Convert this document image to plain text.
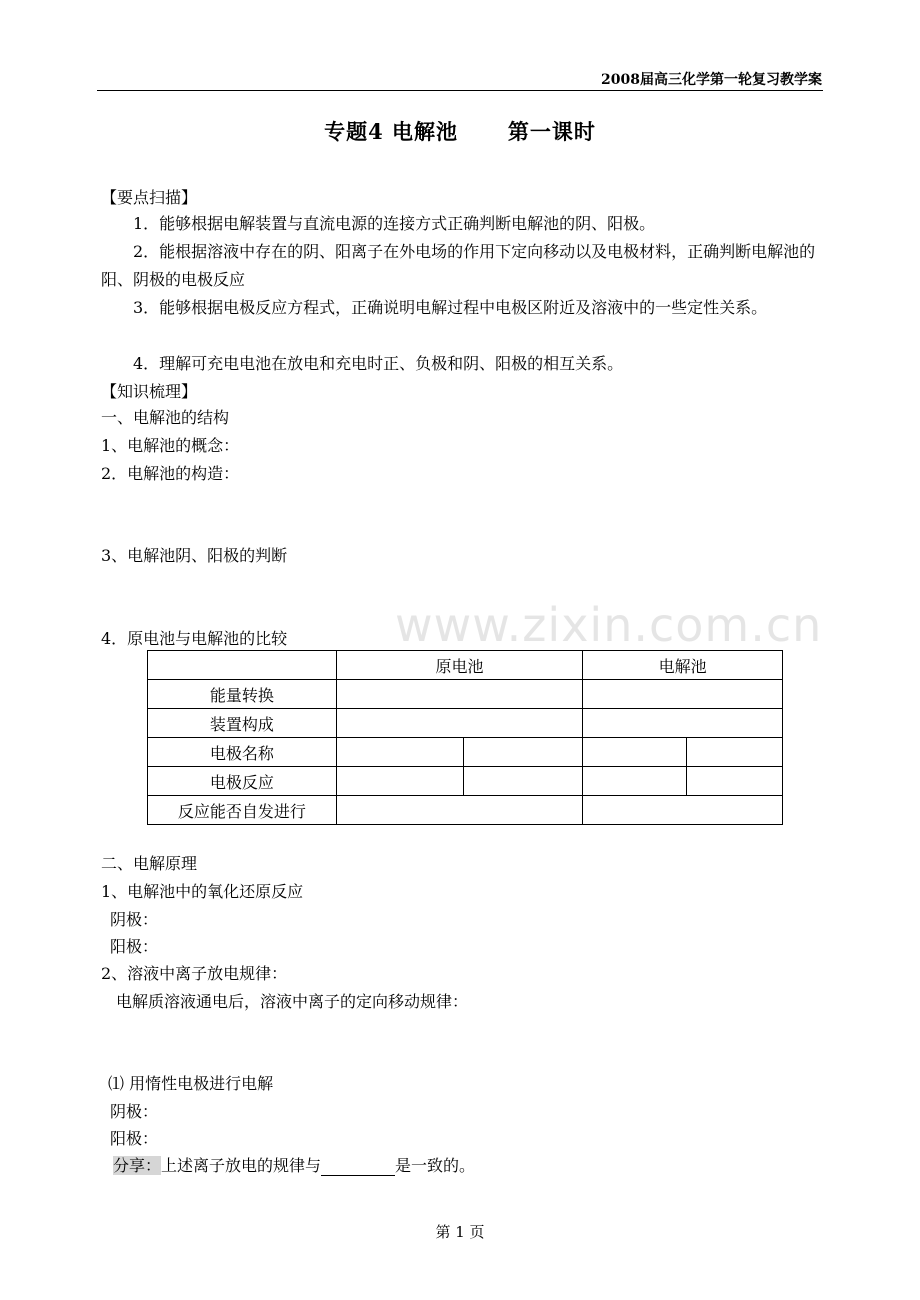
2008届高三化学第一轮复习教学案
专题4 电解池      第一课时
【要点扫描】
1．能够根据电解装置与直流电源的连接方式正确判断电解池的阴、阳极。
2．能根据溶液中存在的阴、阳离子在外电场的作用下定向移动以及电极材料，正确判断电解池的阳、阴极的电极反应
3．能够根据电极反应方程式，正确说明电解过程中电极区附近及溶液中的一些定性关系。
4．理解可充电电池在放电和充电时正、负极和阴、阳极的相互关系。
【知识梳理】
一、电解池的结构
1、电解池的概念：
2．电解池的构造：
3、电解池阴、阳极的判断
4．原电池与电解池的比较 www.zixin.com.cn
	原电池		电解池	
能量转换				
装置构成				
电极名称				
电极反应				
反应能否自发进行				
二、电解原理
1、电解池中的氧化还原反应
阴极：
阳极：
2、溶液中离子放电规律：
电解质溶液通电后，溶液中离子的定向移动规律：
⑴ 用惰性电极进行电解
阴极：
阳极：
分享：上述离子放电的规律与	是一致的。
第 1 页
